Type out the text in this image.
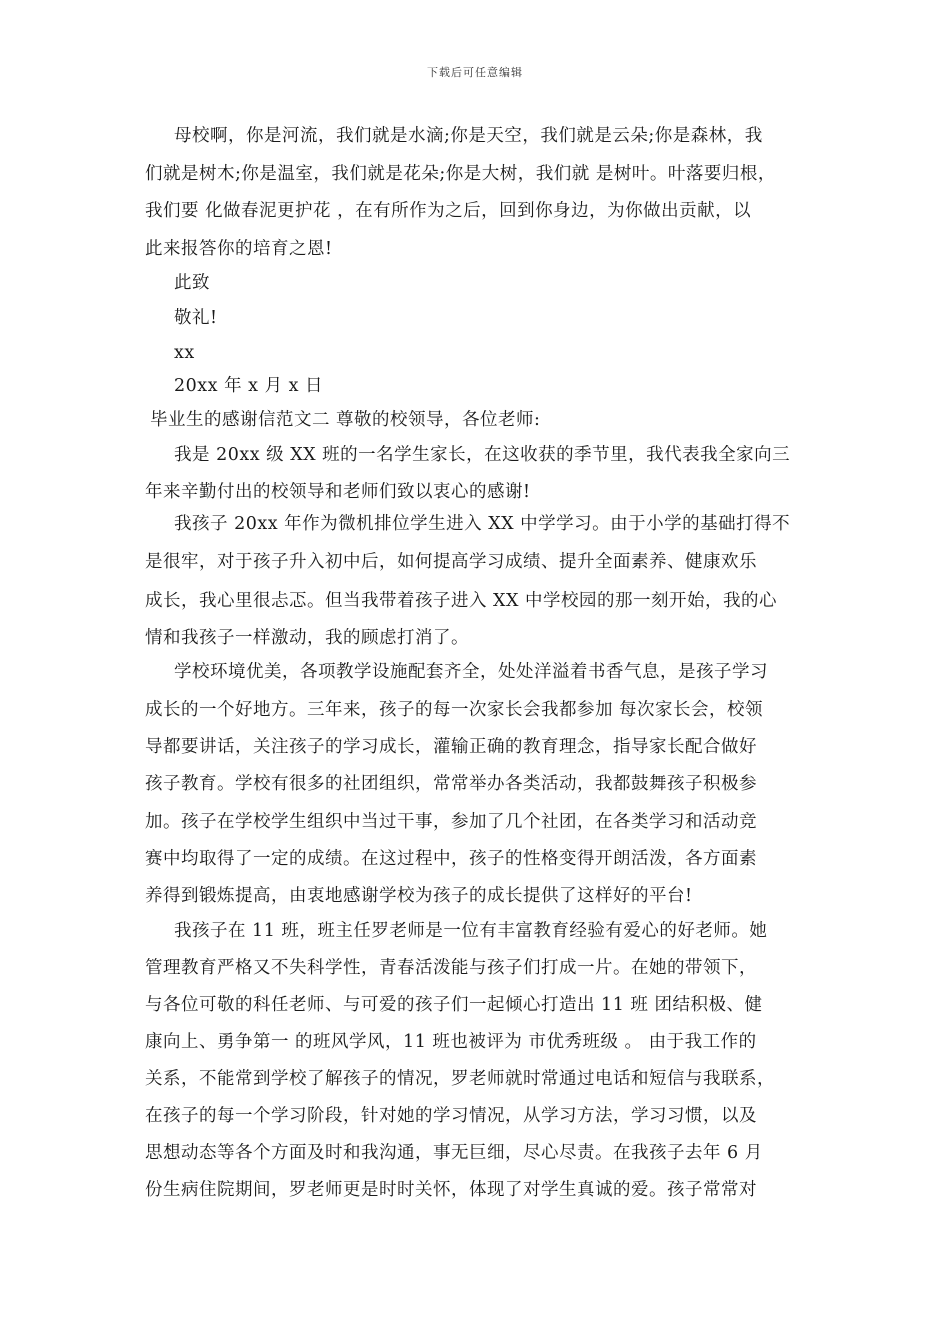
下载后可任意编辑
母校啊，你是河流，我们就是水滴;你是天空，我们就是云朵;你是森林，我
们就是树木;你是温室，我们就是花朵;你是大树，我们就 是树叶。叶落要归根，
我们要 化做春泥更护花 ，在有所作为之后，回到你身边，为你做出贡献，以
此来报答你的培育之恩!
此致
敬礼!
xx
20xx 年 x 月 x 日
毕业生的感谢信范文二 尊敬的校领导，各位老师:
我是 20xx 级 XX 班的一名学生家长，在这收获的季节里，我代表我全家向三
年来辛勤付出的校领导和老师们致以衷心的感谢!
我孩子 20xx 年作为微机排位学生进入 XX 中学学习。由于小学的基础打得不
是很牢，对于孩子升入初中后，如何提高学习成绩、提升全面素养、健康欢乐
成长，我心里很忐忑。但当我带着孩子进入 XX 中学校园的那一刻开始，我的心
情和我孩子一样激动，我的顾虑打消了。
学校环境优美，各项教学设施配套齐全，处处洋溢着书香气息，是孩子学习
成长的一个好地方。三年来，孩子的每一次家长会我都参加 每次家长会，校领
导都要讲话，关注孩子的学习成长，灌输正确的教育理念，指导家长配合做好
孩子教育。学校有很多的社团组织，常常举办各类活动，我都鼓舞孩子积极参
加。孩子在学校学生组织中当过干事，参加了几个社团，在各类学习和活动竞
赛中均取得了一定的成绩。在这过程中，孩子的性格变得开朗活泼，各方面素
养得到锻炼提高，由衷地感谢学校为孩子的成长提供了这样好的平台!
我孩子在 11 班，班主任罗老师是一位有丰富教育经验有爱心的好老师。她
管理教育严格又不失科学性，青春活泼能与孩子们打成一片。在她的带领下，
与各位可敬的科任老师、与可爱的孩子们一起倾心打造出 11 班 团结积极、健
康向上、勇争第一 的班风学风，11 班也被评为 市优秀班级 。 由于我工作的
关系，不能常到学校了解孩子的情况，罗老师就时常通过电话和短信与我联系，
在孩子的每一个学习阶段，针对她的学习情况，从学习方法，学习习惯，以及
思想动态等各个方面及时和我沟通，事无巨细，尽心尽责。在我孩子去年 6 月
份生病住院期间，罗老师更是时时关怀，体现了对学生真诚的爱。孩子常常对
